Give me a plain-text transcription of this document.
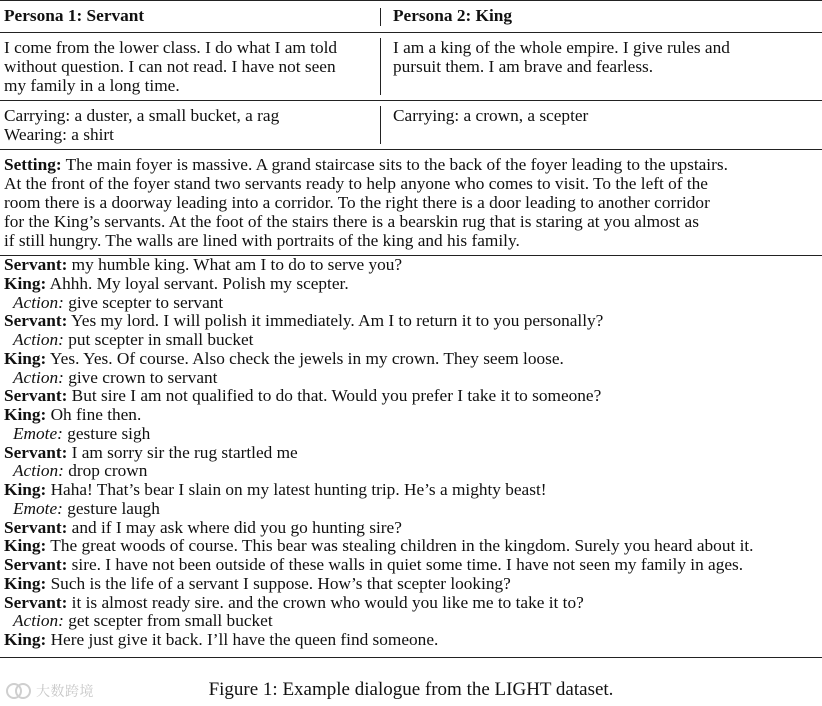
Persona 1: Servant	Persona 2: King
I come from the lower class. I do what I am told
without question. I can not read. I have not seen
my family in a long time.
I am a king of the whole empire. I give rules and
pursuit them. I am brave and fearless.
Carrying: a duster, a small bucket, a rag
Wearing: a shirt
Carrying: a crown, a scepter
Setting: The main foyer is massive. A grand staircase sits to the back of the foyer leading to the upstairs.
At the front of the foyer stand two servants ready to help anyone who comes to visit. To the left of the
room there is a doorway leading into a corridor. To the right there is a door leading to another corridor
for the King’s servants. At the foot of the stairs there is a bearskin rug that is staring at you almost as
if still hungry. The walls are lined with portraits of the king and his family.
Servant: my humble king. What am I to do to serve you?
King: Ahhh. My loyal servant. Polish my scepter.
Action: give scepter to servant
Servant: Yes my lord. I will polish it immediately. Am I to return it to you personally?
Action: put scepter in small bucket
King: Yes. Yes. Of course. Also check the jewels in my crown. They seem loose.
Action: give crown to servant
Servant: But sire I am not qualified to do that. Would you prefer I take it to someone?
King: Oh fine then.
Emote: gesture sigh
Servant: I am sorry sir the rug startled me
Action: drop crown
King: Haha! That’s bear I slain on my latest hunting trip. He’s a mighty beast!
Emote: gesture laugh
Servant: and if I may ask where did you go hunting sire?
King: The great woods of course. This bear was stealing children in the kingdom. Surely you heard about it.
Servant: sire. I have not been outside of these walls in quiet some time. I have not seen my family in ages.
King: Such is the life of a servant I suppose. How’s that scepter looking?
Servant: it is almost ready sire. and the crown who would you like me to take it to?
Action: get scepter from small bucket
King: Here just give it back. I’ll have the queen find someone.
大数跨境	Figure 1: Example dialogue from the LIGHT dataset.
